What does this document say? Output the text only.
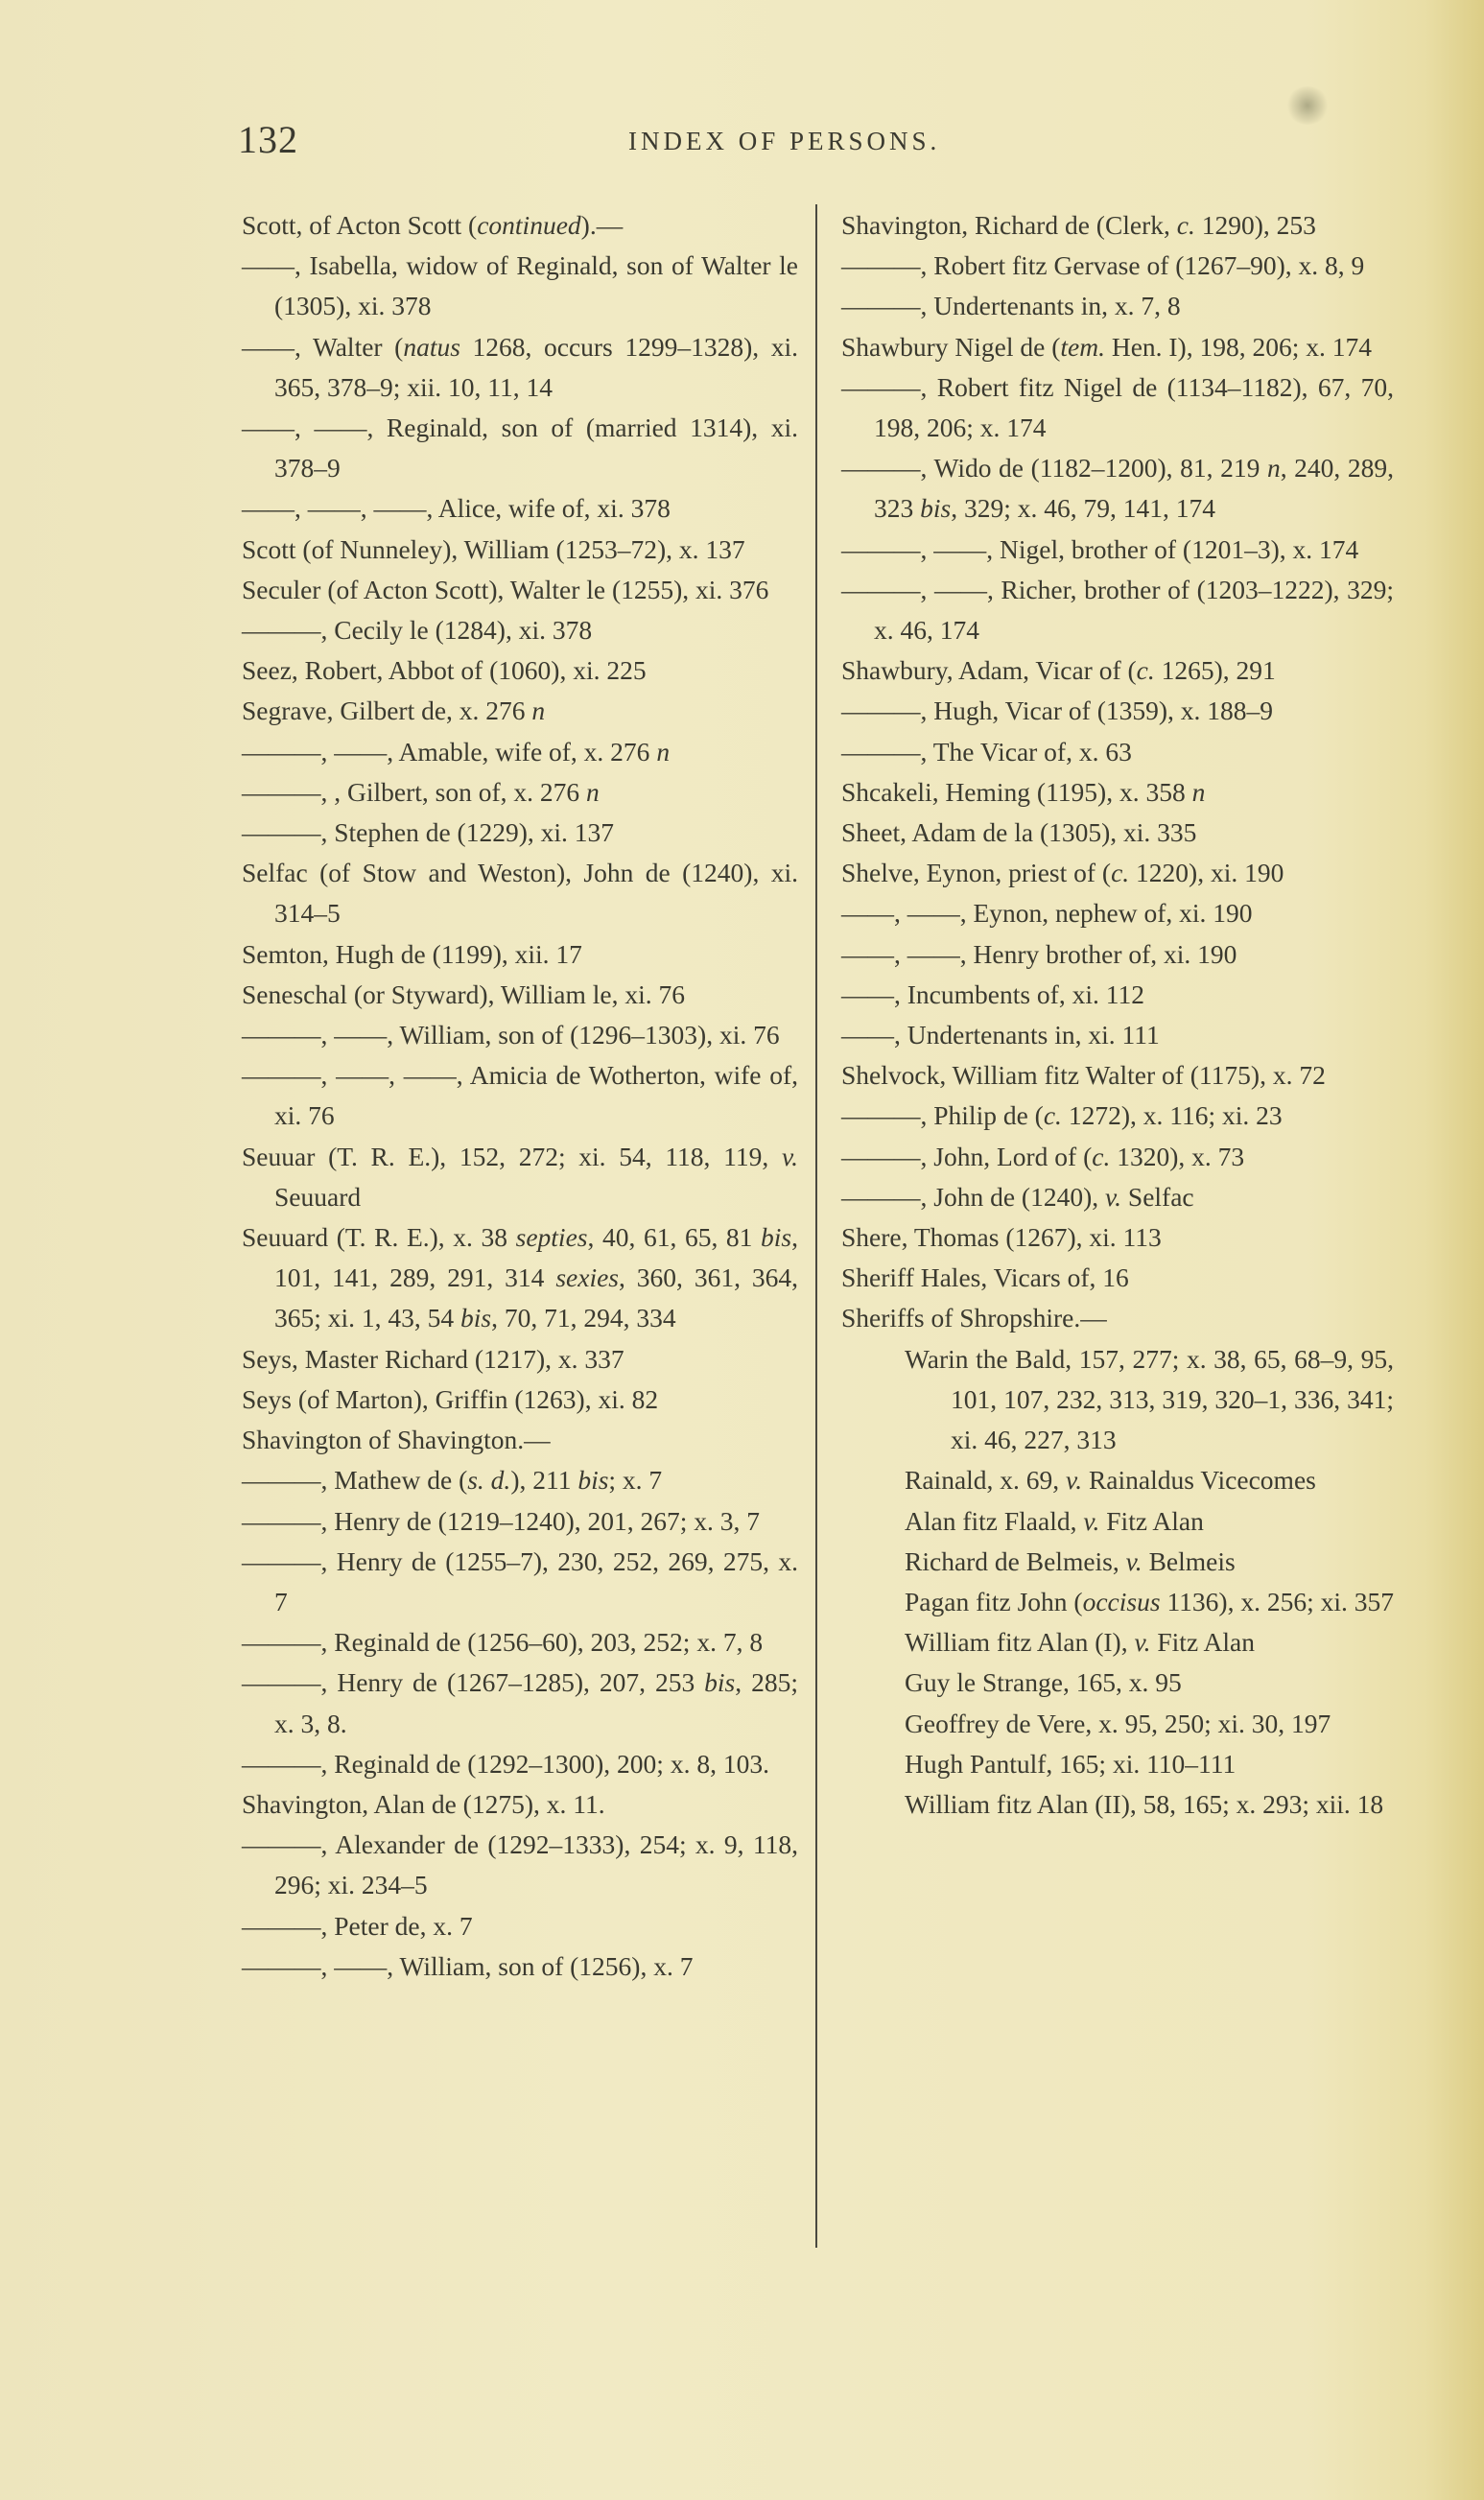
132	INDEX OF PERSONS.
Scott, of Acton Scott (continued).—
——, Isabella, widow of Reginald, son of Walter le (1305), xi. 378
——, Walter (natus 1268, occurs 1299–1328), xi. 365, 378–9; xii. 10, 11, 14
——, ——, Reginald, son of (married 1314), xi. 378–9
——, ——, ——, Alice, wife of, xi. 378
Scott (of Nunneley), William (1253–72), x. 137
Seculer (of Acton Scott), Walter le (1255), xi. 376
———, Cecily le (1284), xi. 378
Seez, Robert, Abbot of (1060), xi. 225
Segrave, Gilbert de, x. 276 n
———, ——, Amable, wife of, x. 276 n
———, , Gilbert, son of, x. 276 n
———, Stephen de (1229), xi. 137
Selfac (of Stow and Weston), John de (1240), xi. 314–5
Semton, Hugh de (1199), xii. 17
Seneschal (or Styward), William le, xi. 76
———, ——, William, son of (1296–1303), xi. 76
———, ——, ——, Amicia de Wotherton, wife of, xi. 76
Seuuar (T. R. E.), 152, 272; xi. 54, 118, 119, v. Seuuard
Seuuard (T. R. E.), x. 38 septies, 40, 61, 65, 81 bis, 101, 141, 289, 291, 314 sexies, 360, 361, 364, 365; xi. 1, 43, 54 bis, 70, 71, 294, 334
Seys, Master Richard (1217), x. 337
Seys (of Marton), Griffin (1263), xi. 82
Shavington of Shavington.—
———, Mathew de (s. d.), 211 bis; x. 7
———, Henry de (1219–1240), 201, 267; x. 3, 7
———, Henry de (1255–7), 230, 252, 269, 275, x. 7
———, Reginald de (1256–60), 203, 252; x. 7, 8
———, Henry de (1267–1285), 207, 253 bis, 285; x. 3, 8.
———, Reginald de (1292–1300), 200; x. 8, 103.
Shavington, Alan de (1275), x. 11.
———, Alexander de (1292–1333), 254; x. 9, 118, 296; xi. 234–5
———, Peter de, x. 7
———, ——, William, son of (1256), x. 7
Shavington, Richard de (Clerk, c. 1290), 253
———, Robert fitz Gervase of (1267–90), x. 8, 9
———, Undertenants in, x. 7, 8
Shawbury Nigel de (tem. Hen. I), 198, 206; x. 174
———, Robert fitz Nigel de (1134–1182), 67, 70, 198, 206; x. 174
———, Wido de (1182–1200), 81, 219 n, 240, 289, 323 bis, 329; x. 46, 79, 141, 174
———, ——, Nigel, brother of (1201–3), x. 174
———, ——, Richer, brother of (1203–1222), 329; x. 46, 174
Shawbury, Adam, Vicar of (c. 1265), 291
———, Hugh, Vicar of (1359), x. 188–9
———, The Vicar of, x. 63
Shcakeli, Heming (1195), x. 358 n
Sheet, Adam de la (1305), xi. 335
Shelve, Eynon, priest of (c. 1220), xi. 190
——, ——, Eynon, nephew of, xi. 190
——, ——, Henry brother of, xi. 190
——, Incumbents of, xi. 112
——, Undertenants in, xi. 111
Shelvock, William fitz Walter of (1175), x. 72
———, Philip de (c. 1272), x. 116; xi. 23
———, John, Lord of (c. 1320), x. 73
———, John de (1240), v. Selfac
Shere, Thomas (1267), xi. 113
Sheriff Hales, Vicars of, 16
Sheriffs of Shropshire.—
Warin the Bald, 157, 277; x. 38, 65, 68–9, 95, 101, 107, 232, 313, 319, 320–1, 336, 341; xi. 46, 227, 313
Rainald, x. 69, v. Rainaldus Vicecomes
Alan fitz Flaald, v. Fitz Alan
Richard de Belmeis, v. Belmeis
Pagan fitz John (occisus 1136), x. 256; xi. 357
William fitz Alan (I), v. Fitz Alan
Guy le Strange, 165, x. 95
Geoffrey de Vere, x. 95, 250; xi. 30, 197
Hugh Pantulf, 165; xi. 110–111
William fitz Alan (II), 58, 165; x. 293; xii. 18
